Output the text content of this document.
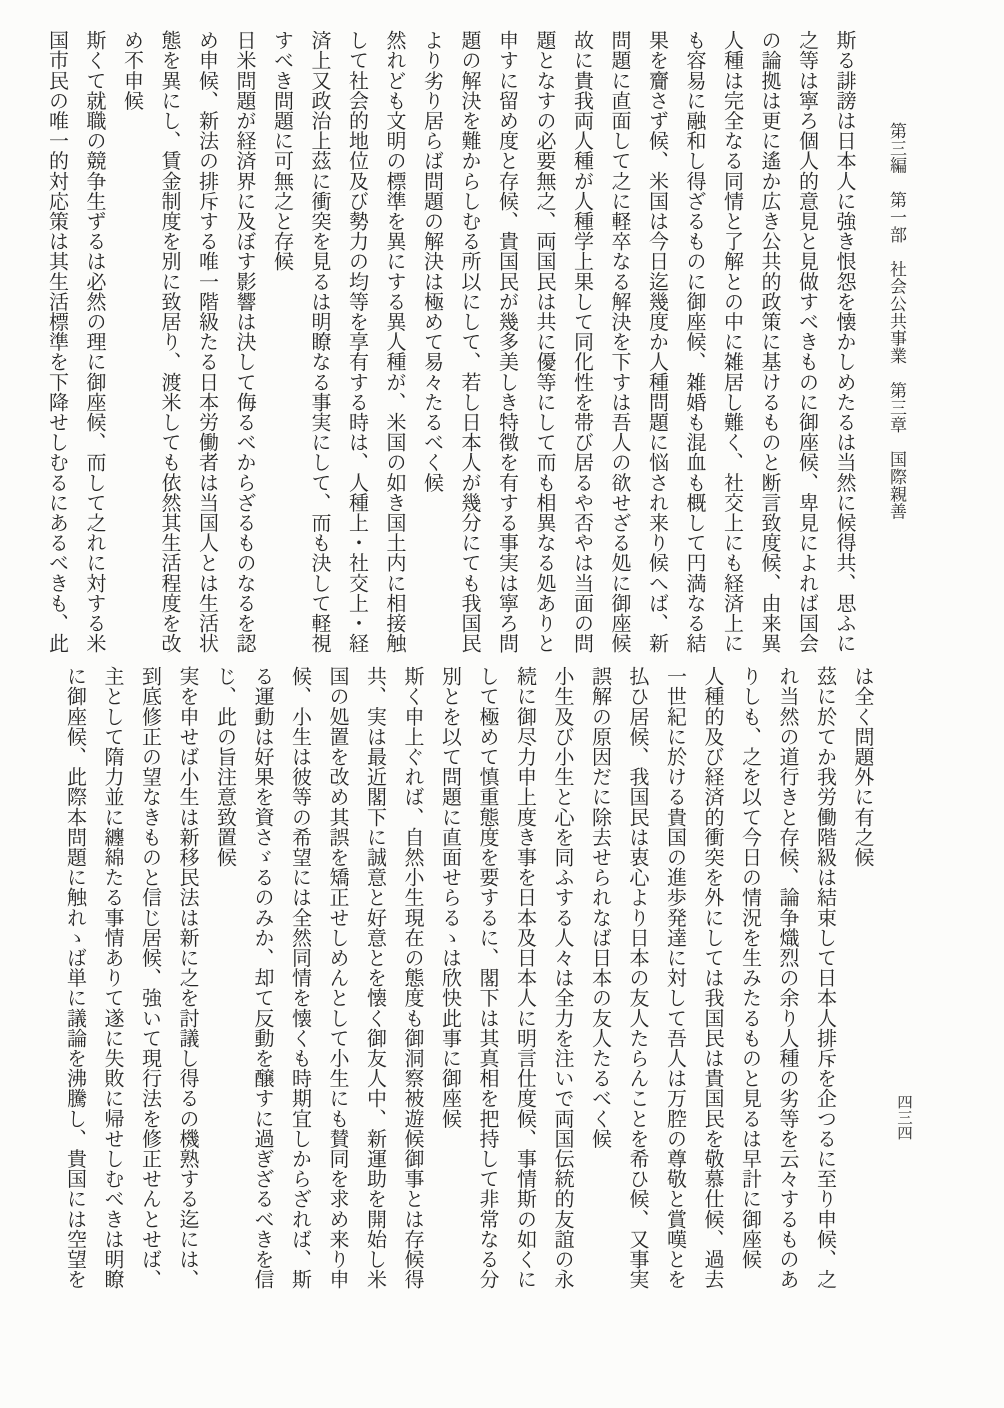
第三編　第一部　社会公共事業　第三章　国際親善
四三四

斯る誹謗は日本人に強き恨怨を懐かしめたるは当然に候得共、思ふに之等は寧ろ個人的意見と見做すべきものに御座候、卑見によれば国会の論拠は更に遙か広き公共的政策に基けるものと断言致度候、由来異人種は完全なる同情と了解との中に雑居し難く、社交上にも経済上にも容易に融和し得ざるものに御座候、雑婚も混血も概して円満なる結果を齎さず候、米国は今日迄幾度か人種問題に悩され来り候へば、新問題に直面して之に軽卒なる解決を下すは吾人の欲せざる処に御座候故に貴我両人種が人種学上果して同化性を帯び居るや否やは当面の問題となすの必要無之、両国民は共に優等にして而も相異なる処ありと申すに留め度と存候、貴国民が幾多美しき特徴を有する事実は寧ろ問題の解決を難からしむる所以にして、若し日本人が幾分にても我国民より劣り居らば問題の解決は極めて易々たるべく候

然れども文明の標準を異にする異人種が、米国の如き国土内に相接触して社会的地位及び勢力の均等を享有する時は、人種上・社交上・経済上又政治上茲に衝突を見るは明瞭なる事実にして、而も決して軽視すべき問題に可無之と存候

日米問題が経済界に及ぼす影響は決して侮るべからざるものなるを認め申候、新法の排斥する唯一階級たる日本労働者は当国人とは生活状態を異にし、賃金制度を別に致居り、渡米しても依然其生活程度を改め不申候

斯くて就職の競争生ずるは必然の理に御座候、而して之れに対する米国市民の唯一的対応策は其生活標準を下降せしむるにあるべきも、此

は全く問題外に有之候

茲に於てか我労働階級は結束して日本人排斥を企つるに至り申候、之れ当然の道行きと存候、論争熾烈の余り人種の劣等を云々するものありしも、之を以て今日の情況を生みたるものと見るは早計に御座候

人種的及び経済的衝突を外にしては我国民は貴国民を敬慕仕候、過去一世紀に於ける貴国の進歩発達に対して吾人は万腔の尊敬と賞嘆とを払ひ居候、我国民は衷心より日本の友人たらんことを希ひ候、又事実誤解の原因だに除去せられなば日本の友人たるべく候

小生及び小生と心を同ふする人々は全力を注いで両国伝統的友誼の永続に御尽力申上度き事を日本及日本人に明言仕度候、事情斯の如くにして極めて慎重態度を要するに、閣下は其真相を把持して非常なる分別とを以て問題に直面せらるゝは欣快此事に御座候

斯く申上ぐれば、自然小生現在の態度も御洞察被遊候御事とは存候得共、実は最近閣下に誠意と好意とを懐く御友人中、新運助を開始し米国の処置を改め其誤を矯正せしめんとして小生にも賛同を求め来り申候、小生は彼等の希望には全然同情を懐くも時期宜しからざれば、斯る運動は好果を資さゞるのみか、却て反動を醸すに過ぎざるべきを信じ、此の旨注意致置候

実を申せば小生は新移民法は新に之を討議し得るの機熟する迄には、到底修正の望なきものと信じ居候、強いて現行法を修正せんとせば、主として隋力並に纏綿たる事情ありて遂に失敗に帰せしむべきは明瞭に御座候、此際本問題に触れゝば単に議論を沸騰し、貴国には空望を
